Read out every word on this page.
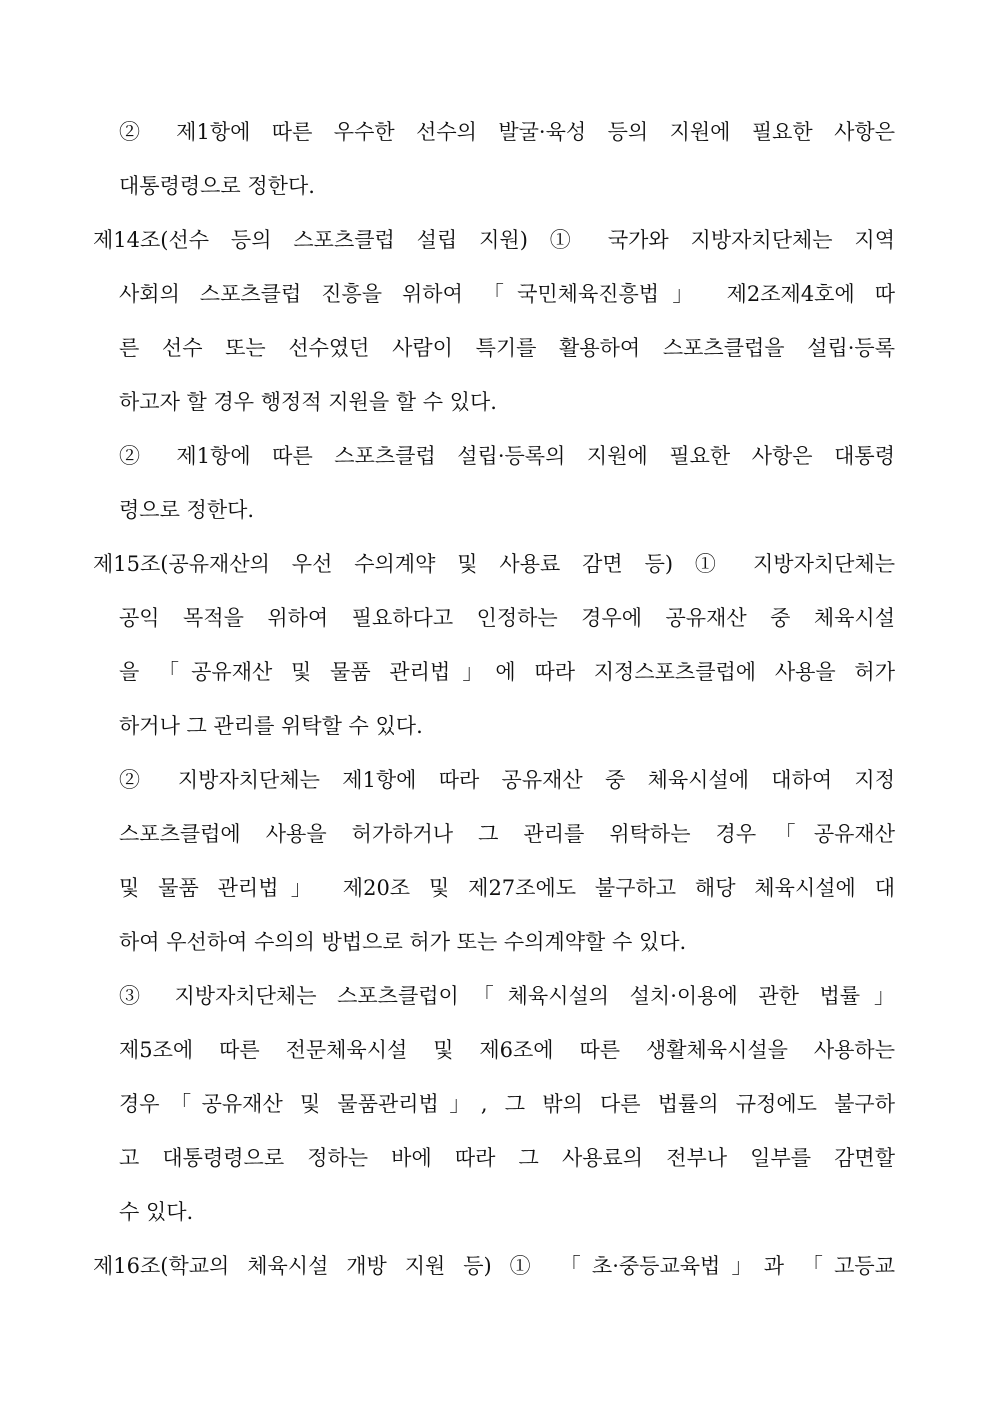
② 제1항에 따른 우수한 선수의 발굴·육성 등의 지원에 필요한 사항은
대통령령으로 정한다.
제14조(선수 등의 스포츠클럽 설립 지원) ① 국가와 지방자치단체는 지역
사회의 스포츠클럽 진흥을 위하여 「국민체육진흥법」 제2조제4호에 따
른 선수 또는 선수였던 사람이 특기를 활용하여 스포츠클럽을 설립·등록
하고자 할 경우 행정적 지원을 할 수 있다.
② 제1항에 따른 스포츠클럽 설립·등록의 지원에 필요한 사항은 대통령
령으로 정한다.
제15조(공유재산의 우선 수의계약 및 사용료 감면 등) ① 지방자치단체는
공익 목적을 위하여 필요하다고 인정하는 경우에 공유재산 중 체육시설
을 「공유재산 및 물품 관리법」에 따라 지정스포츠클럽에 사용을 허가
하거나 그 관리를 위탁할 수 있다.
② 지방자치단체는 제1항에 따라 공유재산 중 체육시설에 대하여 지정
스포츠클럽에 사용을 허가하거나 그 관리를 위탁하는 경우「공유재산
및 물품 관리법」 제20조 및 제27조에도 불구하고 해당 체육시설에 대
하여 우선하여 수의의 방법으로 허가 또는 수의계약할 수 있다.
③ 지방자치단체는 스포츠클럽이「체육시설의 설치·이용에 관한 법률」
제5조에 따른 전문체육시설 및 제6조에 따른 생활체육시설을 사용하는
경우「공유재산 및 물품관리법」, 그 밖의 다른 법률의 규정에도 불구하
고 대통령령으로 정하는 바에 따라 그 사용료의 전부나 일부를 감면할
수 있다.
제16조(학교의 체육시설 개방 지원 등) ① 「초·중등교육법」과 「고등교
